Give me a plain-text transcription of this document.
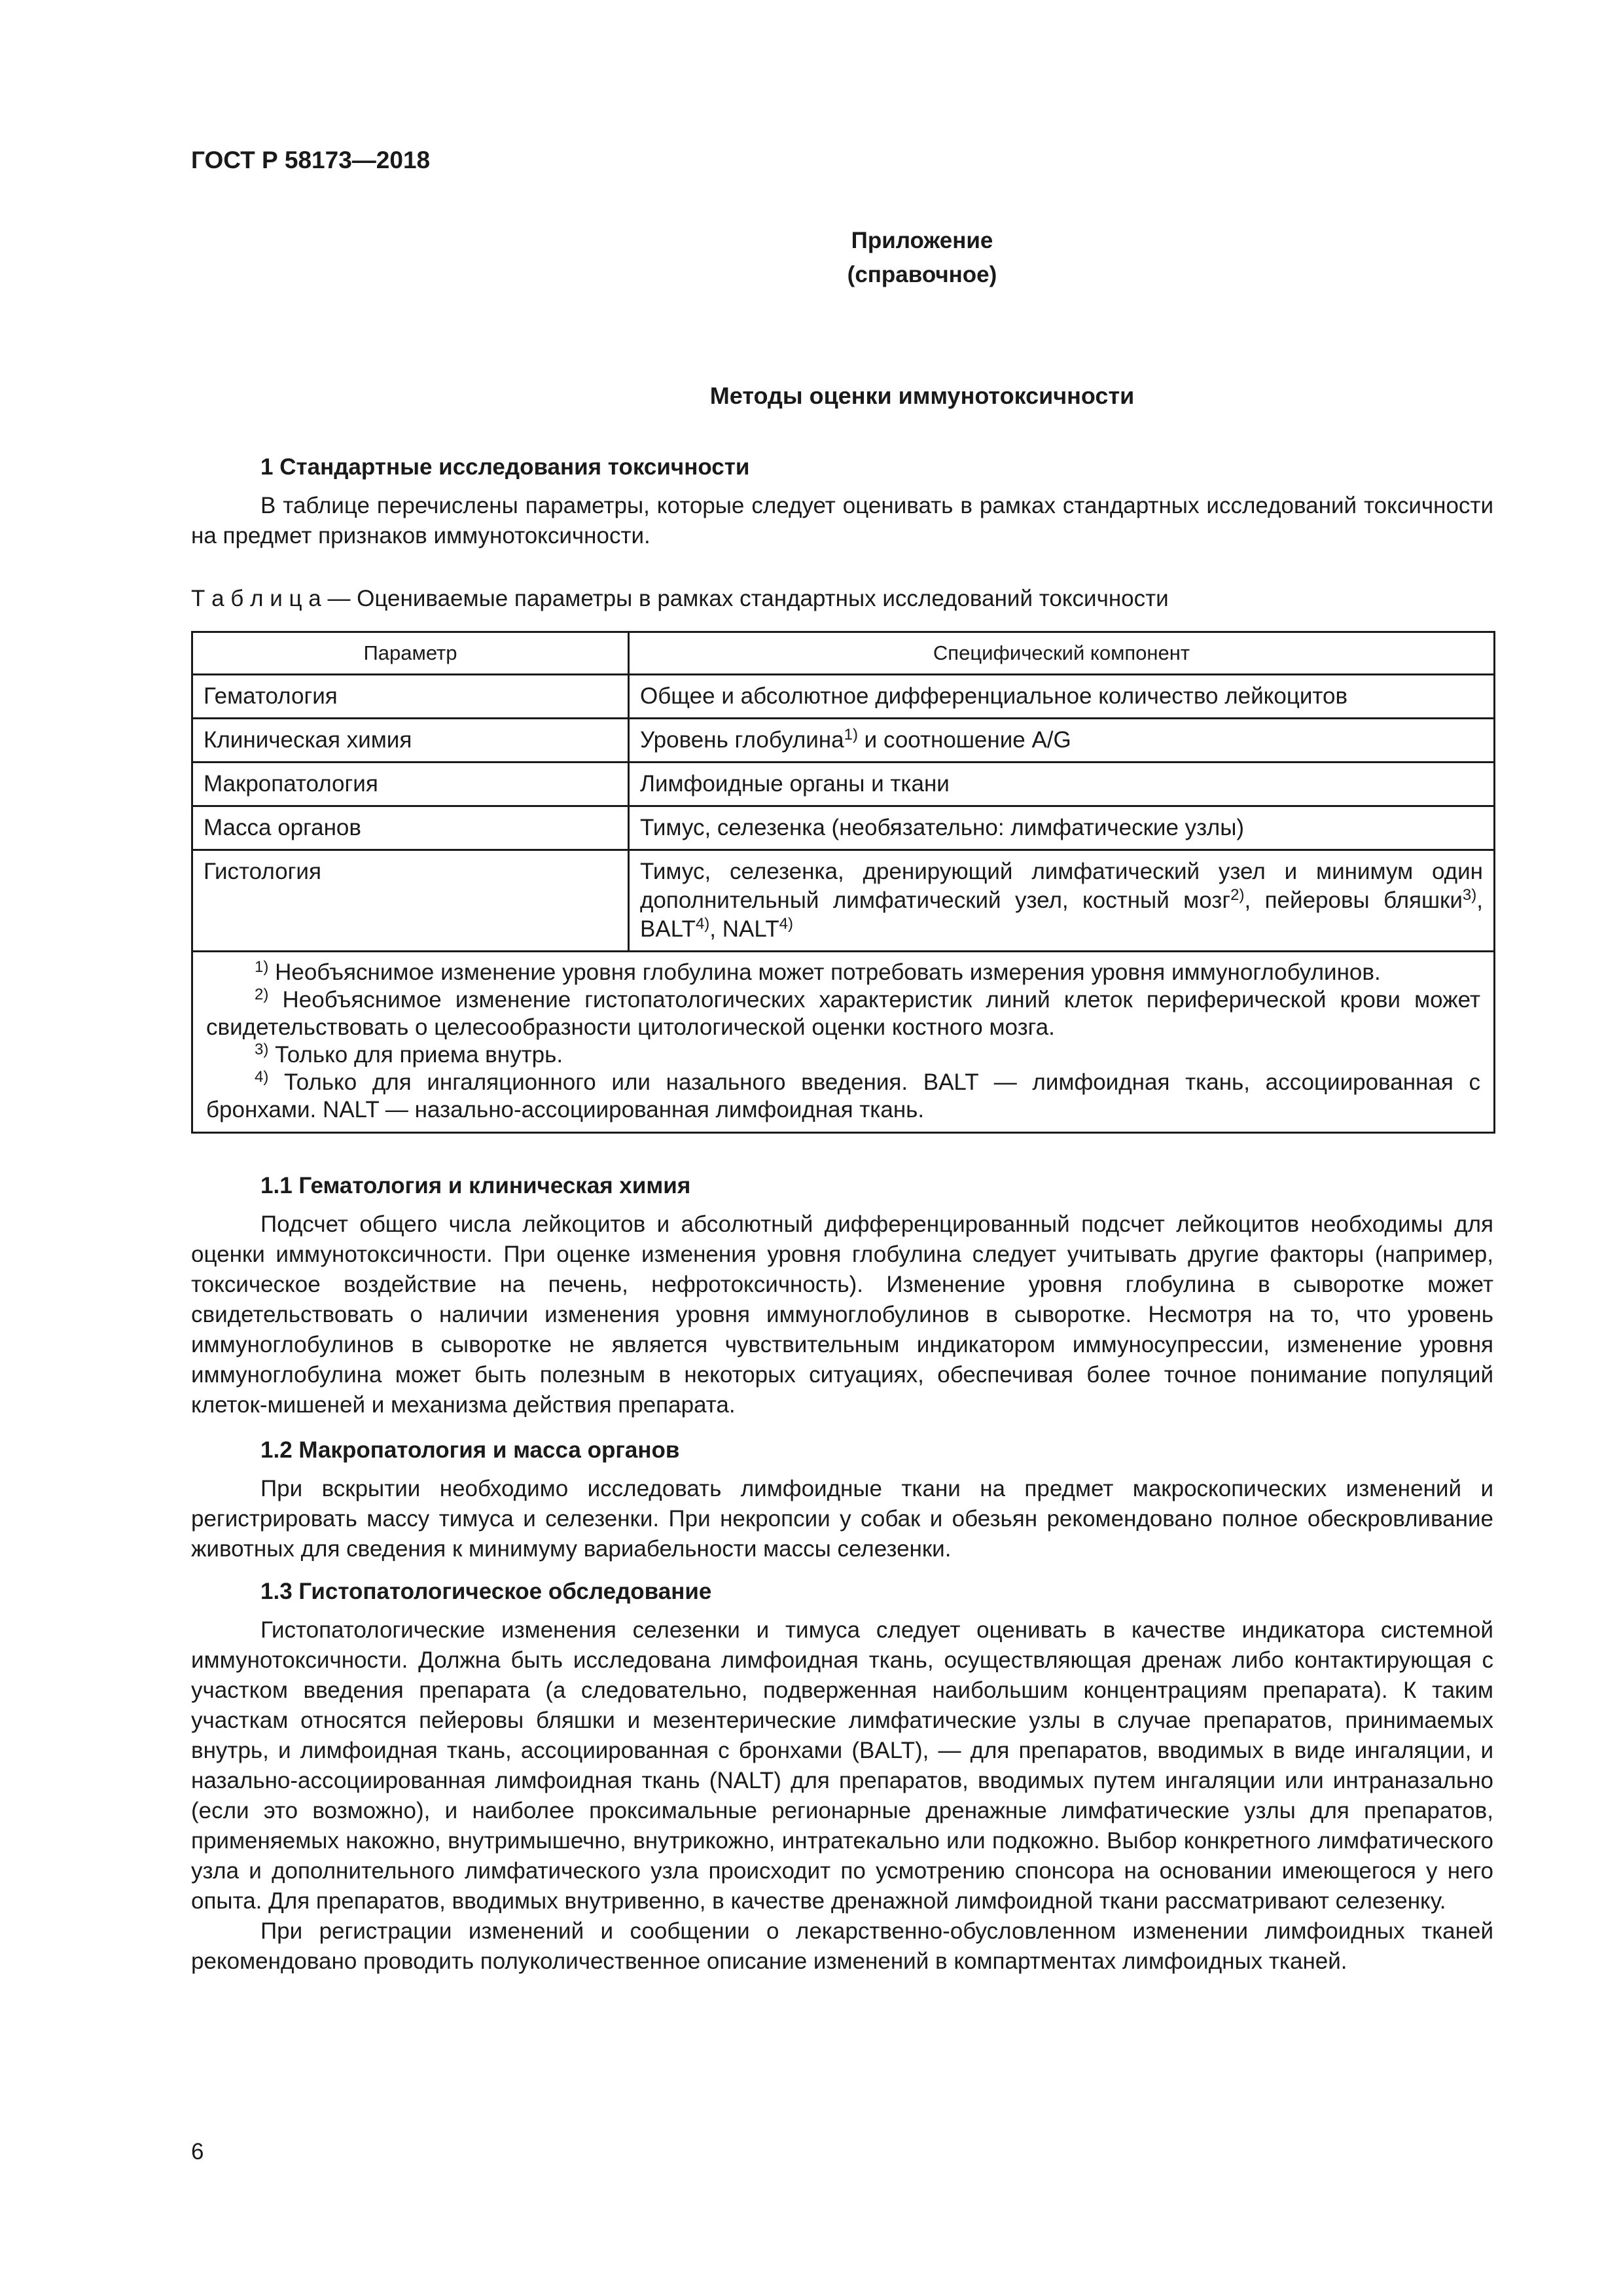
ГОСТ Р 58173—2018
Приложение
(справочное)
Методы оценки иммунотоксичности
1 Стандартные исследования токсичности

В таблице перечислены параметры, которые следует оценивать в рамках стандартных исследований токсичности на предмет признаков иммунотоксичности.

Т а б л и ц а — Оцениваемые параметры в рамках стандартных исследований токсичности
Параметр	Специфический компонент
Гематология	Общее и абсолютное дифференциальное количество лейкоцитов
Клиническая химия	Уровень глобулина$^{1)}$ и соотношение A/G
Макропатология	Лимфоидные органы и ткани
Масса органов	Тимус, селезенка (необязательно: лимфатические узлы)
Гистология	Тимус, селезенка, дренирующий лимфатический узел и минимум один дополнительный лимфатический узел, костный мозг$^{2)}$, пейеровы бляшки$^{3)}$, BALT$^{4)}$, NALT$^{4)}$

$^{1)}$ Необъяснимое изменение уровня глобулина может потребовать измерения уровня иммуноглобулинов.
$^{2)}$ Необъяснимое изменение гистопатологических характеристик линий клеток периферической крови может свидетельствовать о целесообразности цитологической оценки костного мозга.
$^{3)}$ Только для приема внутрь.
$^{4)}$ Только для ингаляционного или назального введения. BALT — лимфоидная ткань, ассоциированная с бронхами. NALT — назально-ассоциированная лимфоидная ткань.	
1.1 Гематология и клиническая химия

Подсчет общего числа лейкоцитов и абсолютный дифференцированный подсчет лейкоцитов необходимы для оценки иммунотоксичности. При оценке изменения уровня глобулина следует учитывать другие факторы (например, токсическое воздействие на печень, нефротоксичность). Изменение уровня глобулина в сыворотке может свидетельствовать о наличии изменения уровня иммуноглобулинов в сыворотке. Несмотря на то, что уровень иммуноглобулинов в сыворотке не является чувствительным индикатором иммуносупрессии, изменение уровня иммуноглобулина может быть полезным в некоторых ситуациях, обеспечивая более точное понимание популяций клеток-мишеней и механизма действия препарата.

1.2 Макропатология и масса органов

При вскрытии необходимо исследовать лимфоидные ткани на предмет макроскопических изменений и регистрировать массу тимуса и селезенки. При некропсии у собак и обезьян рекомендовано полное обескровливание животных для сведения к минимуму вариабельности массы селезенки.

1.3 Гистопатологическое обследование

Гистопатологические изменения селезенки и тимуса следует оценивать в качестве индикатора системной иммунотоксичности. Должна быть исследована лимфоидная ткань, осуществляющая дренаж либо контактирующая с участком введения препарата (а следовательно, подверженная наибольшим концентрациям препарата). К таким участкам относятся пейеровы бляшки и мезентерические лимфатические узлы в случае препаратов, принимаемых внутрь, и лимфоидная ткань, ассоциированная с бронхами (BALT), — для препаратов, вводимых в виде ингаляции, и назально-ассоциированная лимфоидная ткань (NALT) для препаратов, вводимых путем ингаляции или интраназально (если это возможно), и наиболее проксимальные регионарные дренажные лимфатические узлы для препаратов, применяемых накожно, внутримышечно, внутрикожно, интратекально или подкожно. Выбор конкретного лимфатического узла и дополнительного лимфатического узла происходит по усмотрению спонсора на основании имеющегося у него опыта. Для препаратов, вводимых внутривенно, в качестве дренажной лимфоидной ткани рассматривают селезенку.

При регистрации изменений и сообщении о лекарственно-обусловленном изменении лимфоидных тканей рекомендовано проводить полуколичественное описание изменений в компартментах лимфоидных тканей.

6
